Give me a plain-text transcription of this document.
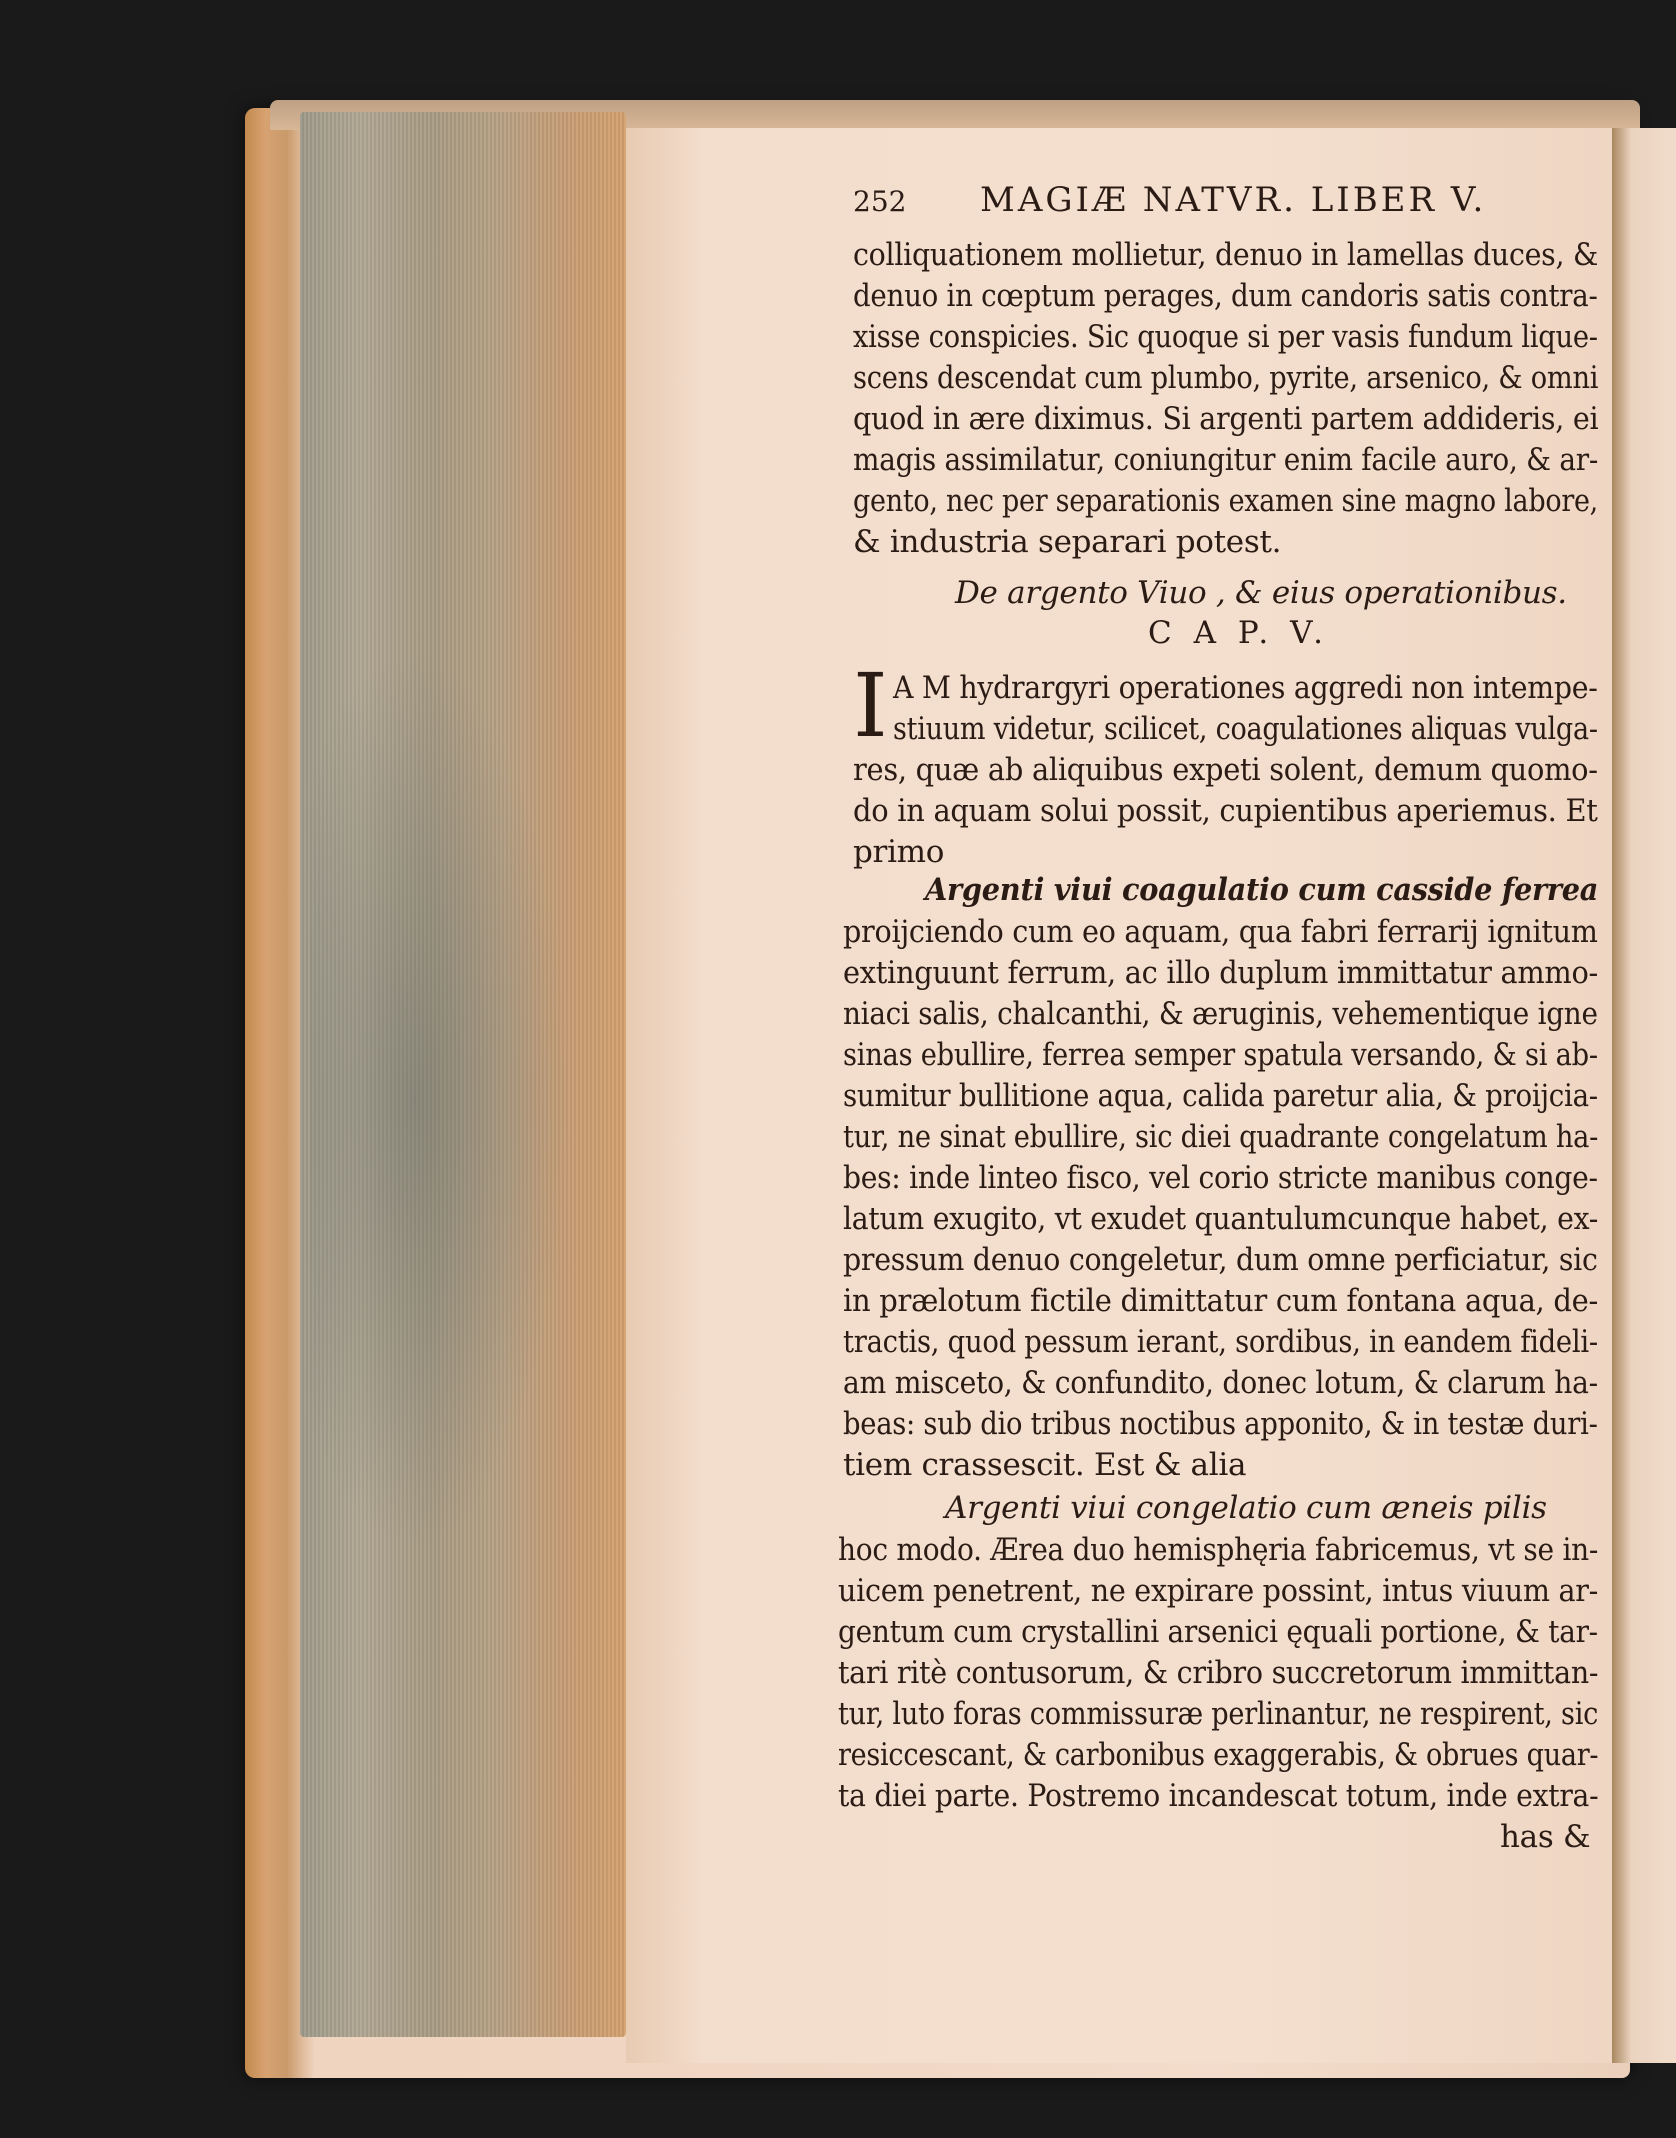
252 MAGIÆ NATVR. LIBER V.
colliquationem mollietur, denuo in lamellas duces, &
denuo in cœptum perages, dum candoris satis contra-
xisse conspicies. Sic quoque si per vasis fundum lique-
scens descendat cum plumbo, pyrite, arsenico, & omni
quod in ære diximus. Si argenti partem addideris, ei
magis assimilatur, coniungitur enim facile auro, & ar-
gento, nec per separationis examen sine magno labore,
& industria separari potest.
De argento Viuo , & eius operationibus.
C A P. V.
I A M hydrargyri operationes aggredi non intempe-
stiuum videtur, scilicet, coagulationes aliquas vulga-
res, quæ ab aliquibus expeti solent, demum quomo-
do in aquam solui possit, cupientibus aperiemus. Et
primo
Argenti viui coagulatio cum casside ferrea
proijciendo cum eo aquam, qua fabri ferrarij ignitum
extinguunt ferrum, ac illo duplum immittatur ammo-
niaci salis, chalcanthi, & æruginis, vehementique igne
sinas ebullire, ferrea semper spatula versando, & si ab-
sumitur bullitione aqua, calida paretur alia, & proijcia-
tur, ne sinat ebullire, sic diei quadrante congelatum ha-
bes: inde linteo fisco, vel corio stricte manibus conge-
latum exugito, vt exudet quantulumcunque habet, ex-
pressum denuo congeletur, dum omne perficiatur, sic
in prælotum fictile dimittatur cum fontana aqua, de-
tractis, quod pessum ierant, sordibus, in eandem fideli-
am misceto, & confundito, donec lotum, & clarum ha-
beas: sub dio tribus noctibus apponito, & in testæ duri-
tiem crassescit. Est & alia
Argenti viui congelatio cum æneis pilis
hoc modo. Ærea duo hemisphęria fabricemus, vt se in-
uicem penetrent, ne expirare possint, intus viuum ar-
gentum cum crystallini arsenici ęquali portione, & tar-
tari ritè contusorum, & cribro succretorum immittan-
tur, luto foras commissuræ perlinantur, ne respirent, sic
resiccescant, & carbonibus exaggerabis, & obrues quar-
ta diei parte. Postremo incandescat totum, inde extra-
has &
